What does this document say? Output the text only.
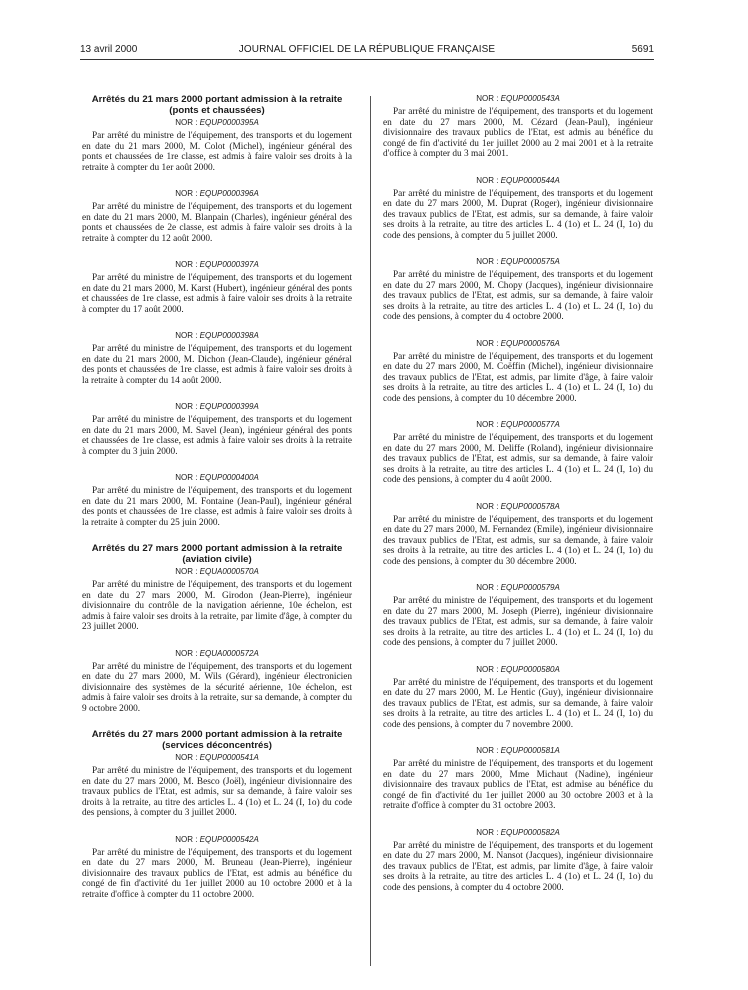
13 avril 2000	JOURNAL OFFICIEL DE LA RÉPUBLIQUE FRANÇAISE	5691
Arrêtés du 21 mars 2000 portant admission à la retraite (ponts et chaussées)
NOR : EQUP0000395A

Par arrêté du ministre de l'équipement, des transports et du logement en date du 21 mars 2000, M. Colot (Michel), ingénieur général des ponts et chaussées de 1re classe, est admis à faire valoir ses droits à la retraite à compter du 1er août 2000.

NOR : EQUP0000396A

Par arrêté du ministre de l'équipement, des transports et du logement en date du 21 mars 2000, M. Blanpain (Charles), ingénieur général des ponts et chaussées de 2e classe, est admis à faire valoir ses droits à la retraite à compter du 12 août 2000.

NOR : EQUP0000397A

Par arrêté du ministre de l'équipement, des transports et du logement en date du 21 mars 2000, M. Karst (Hubert), ingénieur général des ponts et chaussées de 1re classe, est admis à faire valoir ses droits à la retraite à compter du 17 août 2000.

NOR : EQUP0000398A

Par arrêté du ministre de l'équipement, des transports et du logement en date du 21 mars 2000, M. Dichon (Jean-Claude), ingénieur général des ponts et chaussées de 1re classe, est admis à faire valoir ses droits à la retraite à compter du 14 août 2000.

NOR : EQUP0000399A

Par arrêté du ministre de l'équipement, des transports et du logement en date du 21 mars 2000, M. Savel (Jean), ingénieur général des ponts et chaussées de 1re classe, est admis à faire valoir ses droits à la retraite à compter du 3 juin 2000.

NOR : EQUP0000400A

Par arrêté du ministre de l'équipement, des transports et du logement en date du 21 mars 2000, M. Fontaine (Jean-Paul), ingénieur général des ponts et chaussées de 1re classe, est admis à faire valoir ses droits à la retraite à compter du 25 juin 2000.

Arrêtés du 27 mars 2000 portant admission à la retraite (aviation civile)
NOR : EQUA0000570A

Par arrêté du ministre de l'équipement, des transports et du logement en date du 27 mars 2000, M. Girodon (Jean-Pierre), ingénieur divisionnaire du contrôle de la navigation aérienne, 10e échelon, est admis à faire valoir ses droits à la retraite, par limite d'âge, à compter du 23 juillet 2000.

NOR : EQUA0000572A

Par arrêté du ministre de l'équipement, des transports et du logement en date du 27 mars 2000, M. Wils (Gérard), ingénieur électronicien divisionnaire des systèmes de la sécurité aérienne, 10e échelon, est admis à faire valoir ses droits à la retraite, sur sa demande, à compter du 9 octobre 2000.

Arrêtés du 27 mars 2000 portant admission à la retraite (services déconcentrés)
NOR : EQUP0000541A

Par arrêté du ministre de l'équipement, des transports et du logement en date du 27 mars 2000, M. Besco (Joël), ingénieur divisionnaire des travaux publics de l'Etat, est admis, sur sa demande, à faire valoir ses droits à la retraite, au titre des articles L. 4 (1o) et L. 24 (I, 1o) du code des pensions, à compter du 3 juillet 2000.

NOR : EQUP0000542A

Par arrêté du ministre de l'équipement, des transports et du logement en date du 27 mars 2000, M. Bruneau (Jean-Pierre), ingénieur divisionnaire des travaux publics de l'Etat, est admis au bénéfice du congé de fin d'activité du 1er juillet 2000 au 10 octobre 2000 et à la retraite d'office à compter du 11 octobre 2000.

NOR : EQUP0000543A

Par arrêté du ministre de l'équipement, des transports et du logement en date du 27 mars 2000, M. Cézard (Jean-Paul), ingénieur divisionnaire des travaux publics de l'Etat, est admis au bénéfice du congé de fin d'activité du 1er juillet 2000 au 2 mai 2001 et à la retraite d'office à compter du 3 mai 2001.

NOR : EQUP0000544A

Par arrêté du ministre de l'équipement, des transports et du logement en date du 27 mars 2000, M. Duprat (Roger), ingénieur divisionnaire des travaux publics de l'Etat, est admis, sur sa demande, à faire valoir ses droits à la retraite, au titre des articles L. 4 (1o) et L. 24 (I, 1o) du code des pensions, à compter du 5 juillet 2000.

NOR : EQUP0000575A

Par arrêté du ministre de l'équipement, des transports et du logement en date du 27 mars 2000, M. Chopy (Jacques), ingénieur divisionnaire des travaux publics de l'Etat, est admis, sur sa demande, à faire valoir ses droits à la retraite, au titre des articles L. 4 (1o) et L. 24 (I, 1o) du code des pensions, à compter du 4 octobre 2000.

NOR : EQUP0000576A

Par arrêté du ministre de l'équipement, des transports et du logement en date du 27 mars 2000, M. Coëffin (Michel), ingénieur divisionnaire des travaux publics de l'Etat, est admis, par limite d'âge, à faire valoir ses droits à la retraite, au titre des articles L. 4 (1o) et L. 24 (I, 1o) du code des pensions, à compter du 10 décembre 2000.

NOR : EQUP0000577A

Par arrêté du ministre de l'équipement, des transports et du logement en date du 27 mars 2000, M. Deliffe (Roland), ingénieur divisionnaire des travaux publics de l'Etat, est admis, sur sa demande, à faire valoir ses droits à la retraite, au titre des articles L. 4 (1o) et L. 24 (I, 1o) du code des pensions, à compter du 4 août 2000.

NOR : EQUP0000578A

Par arrêté du ministre de l'équipement, des transports et du logement en date du 27 mars 2000, M. Fernandez (Emile), ingénieur divisionnaire des travaux publics de l'Etat, est admis, sur sa demande, à faire valoir ses droits à la retraite, au titre des articles L. 4 (1o) et L. 24 (I, 1o) du code des pensions, à compter du 30 décembre 2000.

NOR : EQUP0000579A

Par arrêté du ministre de l'équipement, des transports et du logement en date du 27 mars 2000, M. Joseph (Pierre), ingénieur divisionnaire des travaux publics de l'Etat, est admis, sur sa demande, à faire valoir ses droits à la retraite, au titre des articles L. 4 (1o) et L. 24 (I, 1o) du code des pensions, à compter du 7 juillet 2000.

NOR : EQUP0000580A

Par arrêté du ministre de l'équipement, des transports et du logement en date du 27 mars 2000, M. Le Hentic (Guy), ingénieur divisionnaire des travaux publics de l'Etat, est admis, sur sa demande, à faire valoir ses droits à la retraite, au titre des articles L. 4 (1o) et L. 24 (I, 1o) du code des pensions, à compter du 7 novembre 2000.

NOR : EQUP0000581A

Par arrêté du ministre de l'équipement, des transports et du logement en date du 27 mars 2000, Mme Michaut (Nadine), ingénieur divisionnaire des travaux publics de l'Etat, est admise au bénéfice du congé de fin d'activité du 1er juillet 2000 au 30 octobre 2003 et à la retraite d'office à compter du 31 octobre 2003.

NOR : EQUP0000582A

Par arrêté du ministre de l'équipement, des transports et du logement en date du 27 mars 2000, M. Nansot (Jacques), ingénieur divisionnaire des travaux publics de l'Etat, est admis, par limite d'âge, à faire valoir ses droits à la retraite, au titre des articles L. 4 (1o) et L. 24 (I, 1o) du code des pensions, à compter du 4 octobre 2000.
